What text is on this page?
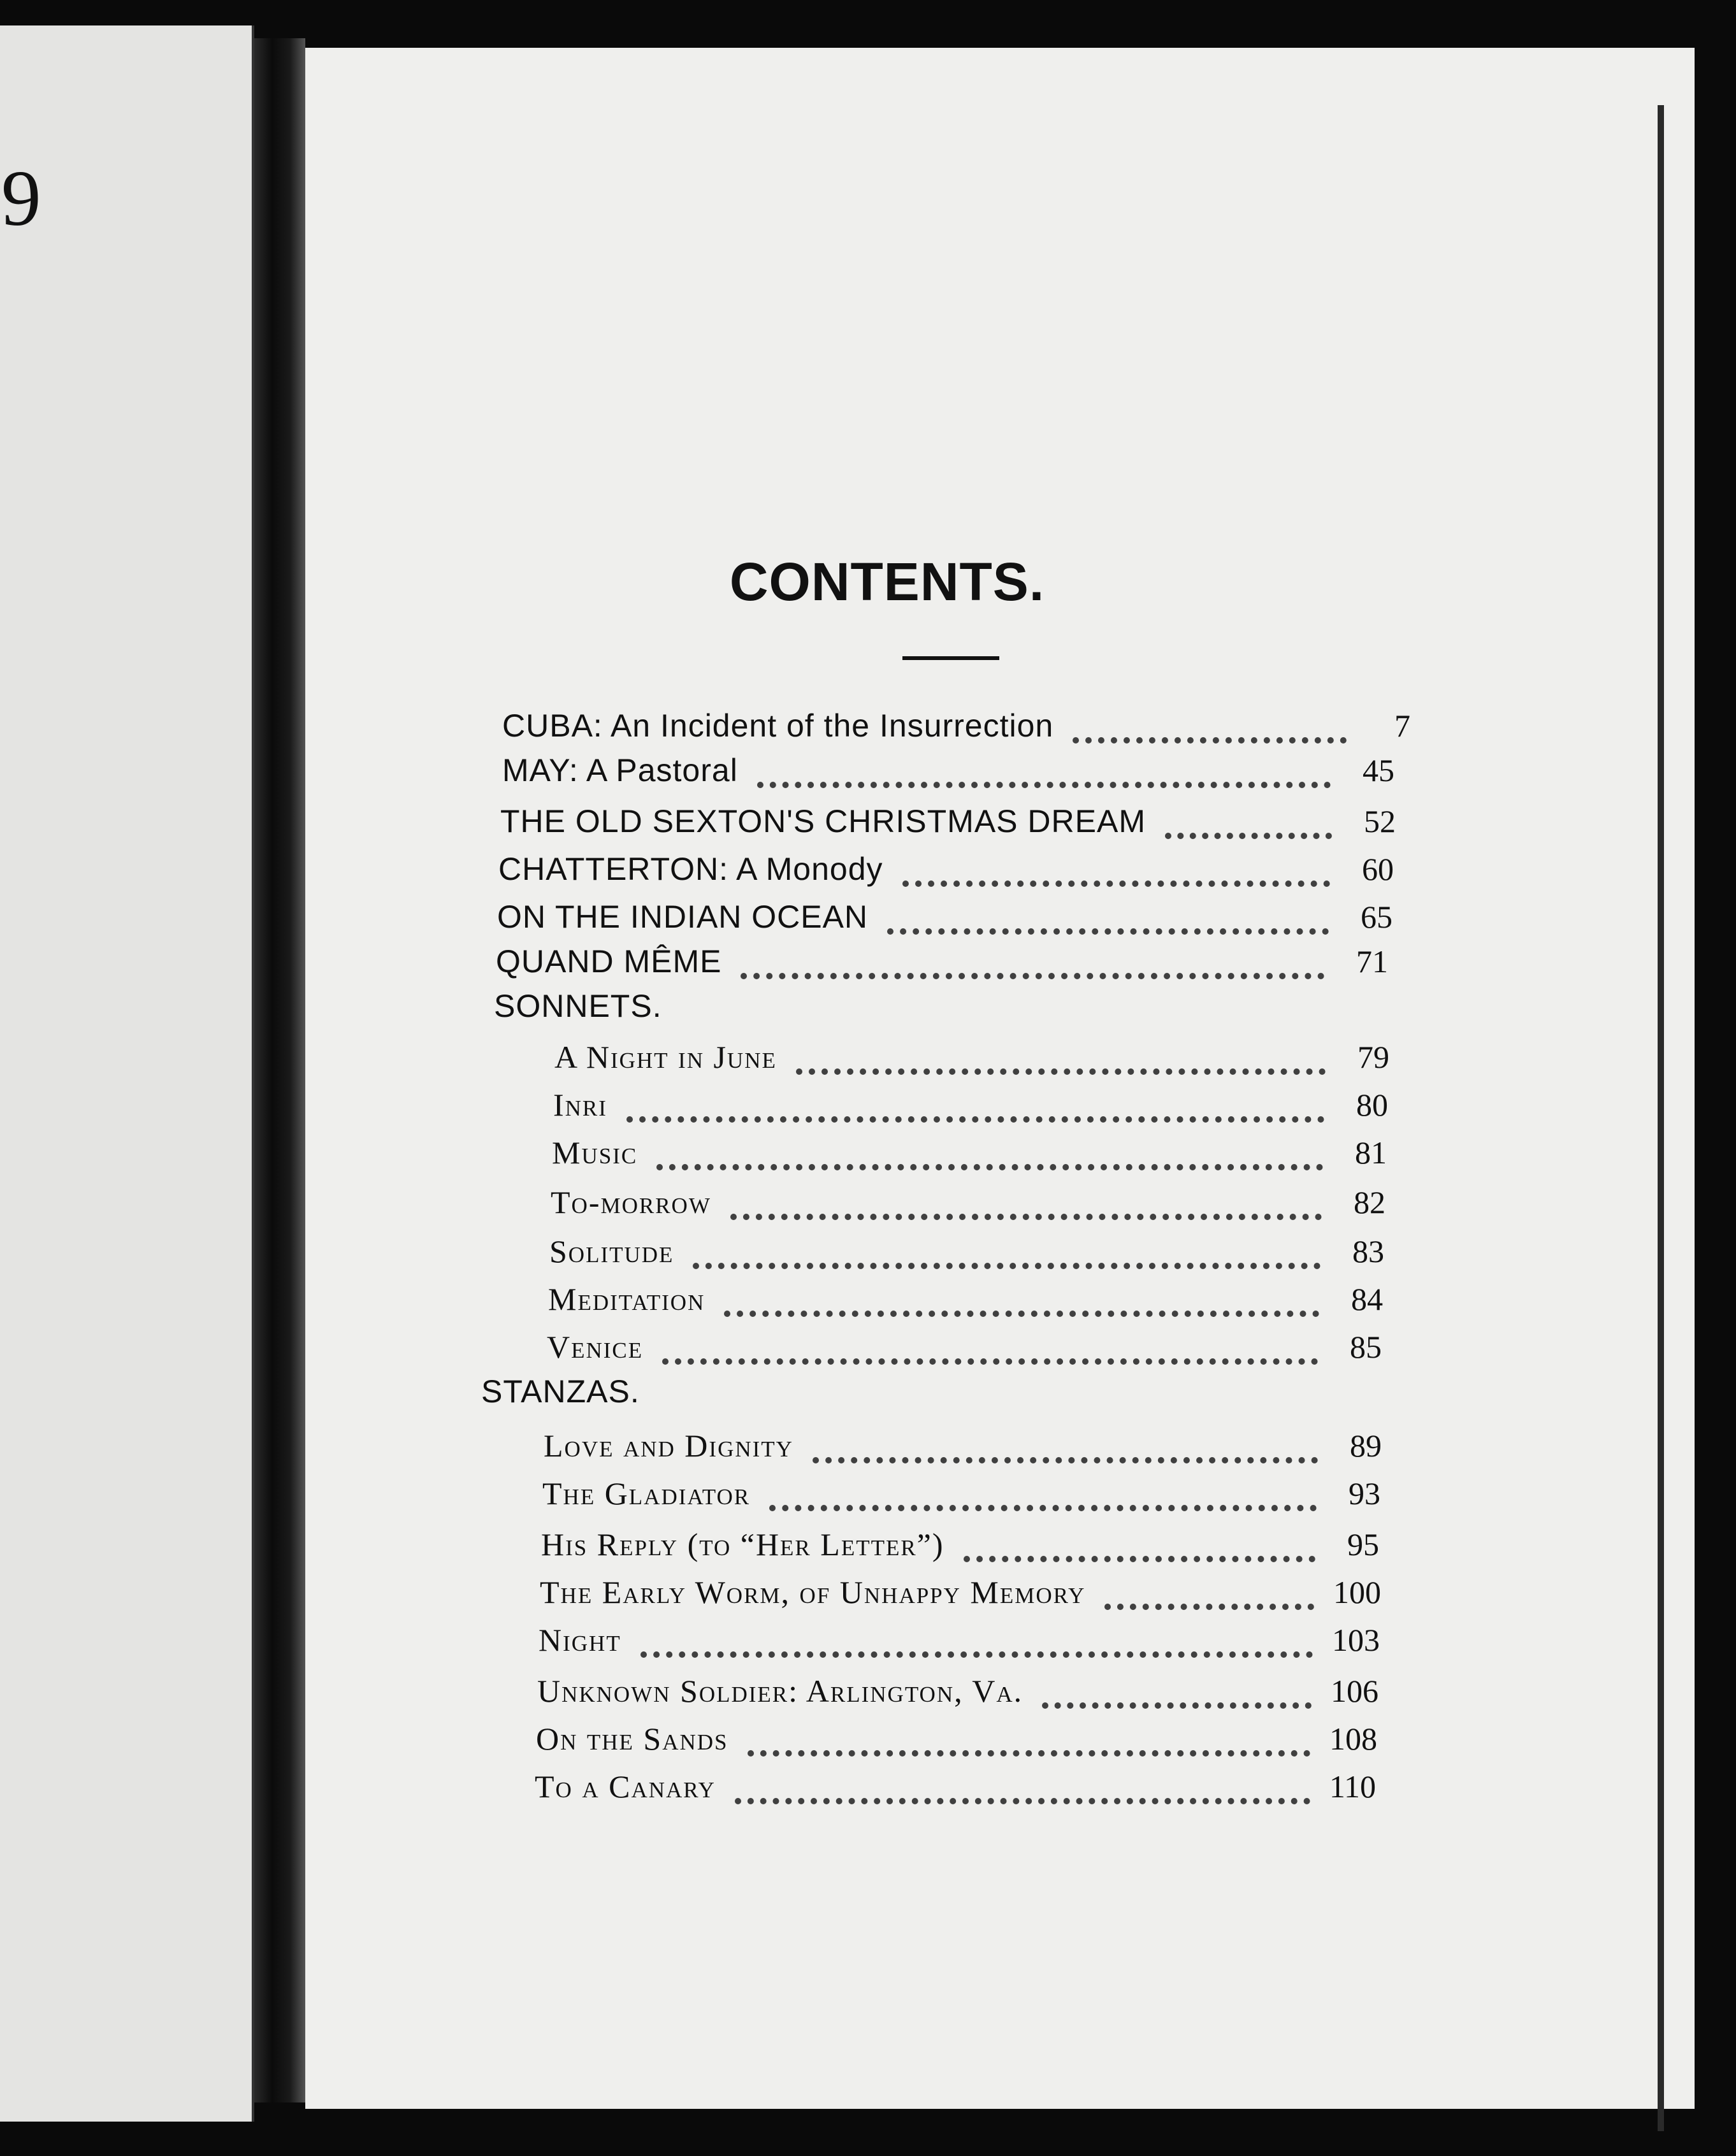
9
CONTENTS.
CUBA: An Incident of the Insurrection	7
MAY: A Pastoral	45
THE OLD SEXTON'S CHRISTMAS DREAM	52
CHATTERTON: A Monody	60
ON THE INDIAN OCEAN	65
QUAND MÊME	71
SONNETS.
A Night in June	79
Inri	80
Music	81
To-morrow	82
Solitude	83
Meditation	84
Venice	85
STANZAS.
Love and Dignity	89
The Gladiator	93
His Reply (to “Her Letter”)	95
The Early Worm, of Unhappy Memory	100
Night	103
Unknown Soldier: Arlington, Va.	106
On the Sands	108
To a Canary	110
